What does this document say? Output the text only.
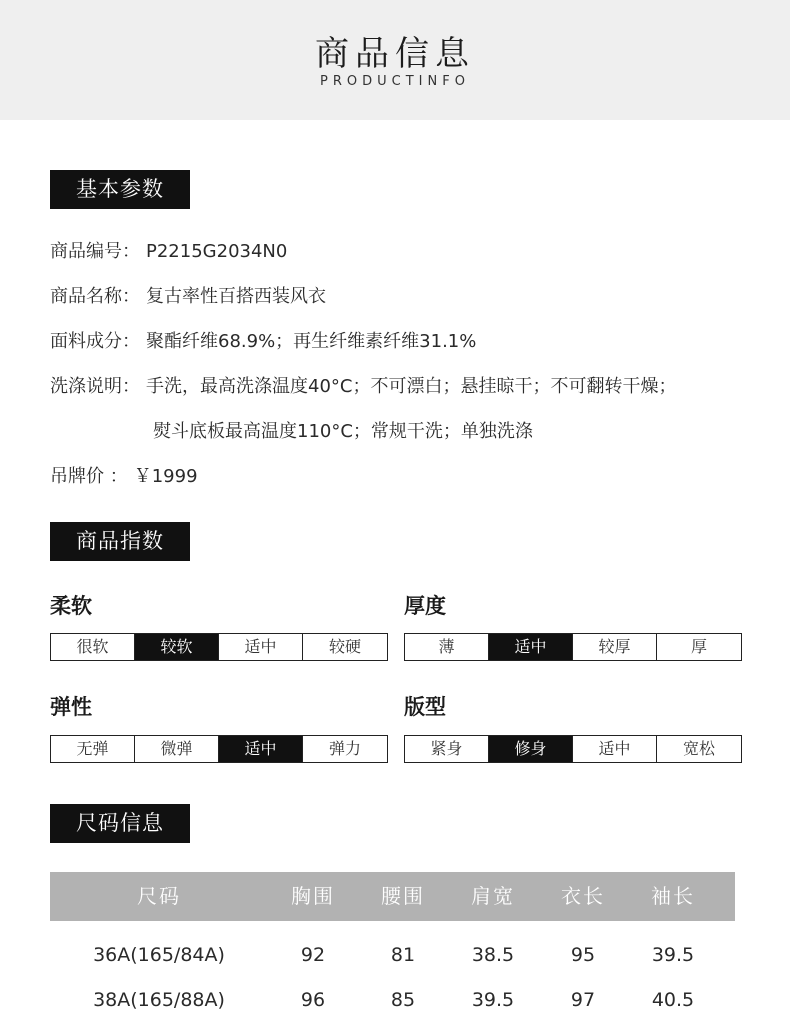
商品信息
PRODUCTINFO
基本参数
商品编号： P2215G2034N0
商品名称： 复古率性百搭西装风衣
面料成分： 聚酯纤维68.9%；再生纤维素纤维31.1%
洗涤说明： 手洗，最高洗涤温度40°C；不可漂白；悬挂晾干；不可翻转干燥；
熨斗底板最高温度110°C；常规干洗；单独洗涤
吊牌价 ： ￥1999
商品指数
柔软
很软	较软	适中	较硬
厚度
薄	适中	较厚	厚
弹性
无弹	微弹	适中	弹力
版型
紧身	修身	适中	宽松
尺码信息
尺码	胸围	腰围	肩宽	衣长	袖长
36A(165/84A)	92	81	38.5	95	39.5
38A(165/88A)	96	85	39.5	97	40.5
